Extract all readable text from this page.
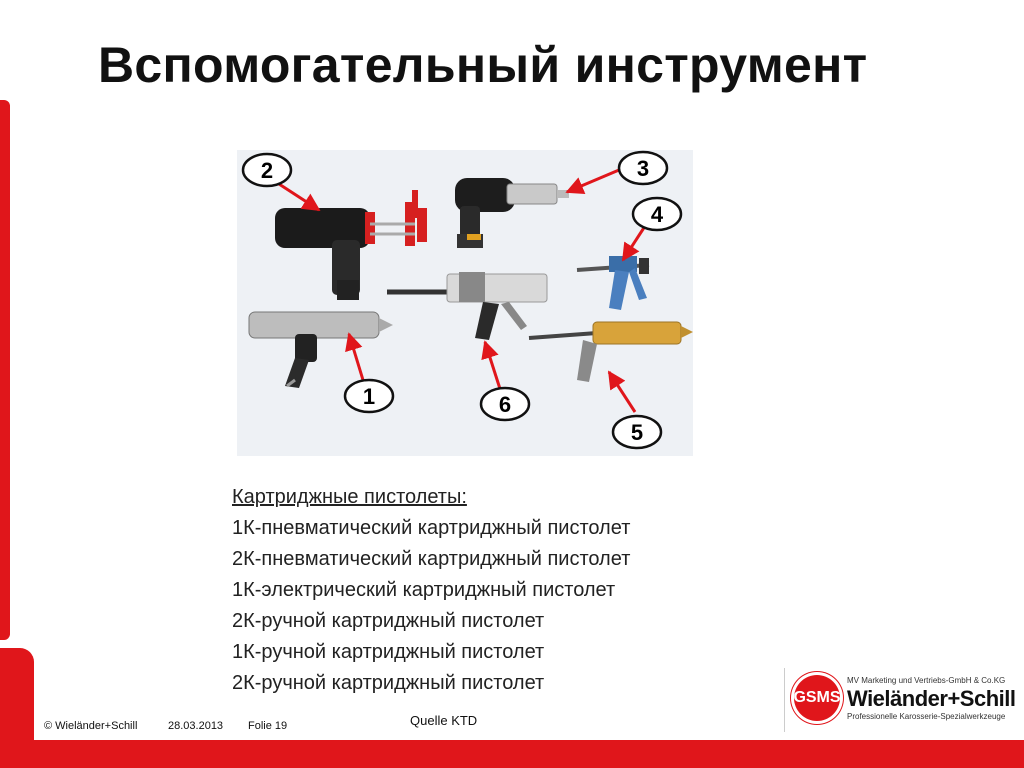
Вспомогательный инструмент
2	3
4
1	6
5
Картриджные пистолеты:
1К-пневматический картриджный пистолет
2К-пневматический картриджный пистолет
1К-электрический картриджный пистолет
2К-ручной картриджный пистолет
1К-ручной картриджный пистолет
2К-ручной картриджный пистолет
© Wieländer+Schill	28.03.2013 Folie 19	Quelle KTD
GSMS
MV Marketing und Vertriebs-GmbH & Co.KG
Wieländer+Schill
Professionelle Karosserie-Spezialwerkzeuge
